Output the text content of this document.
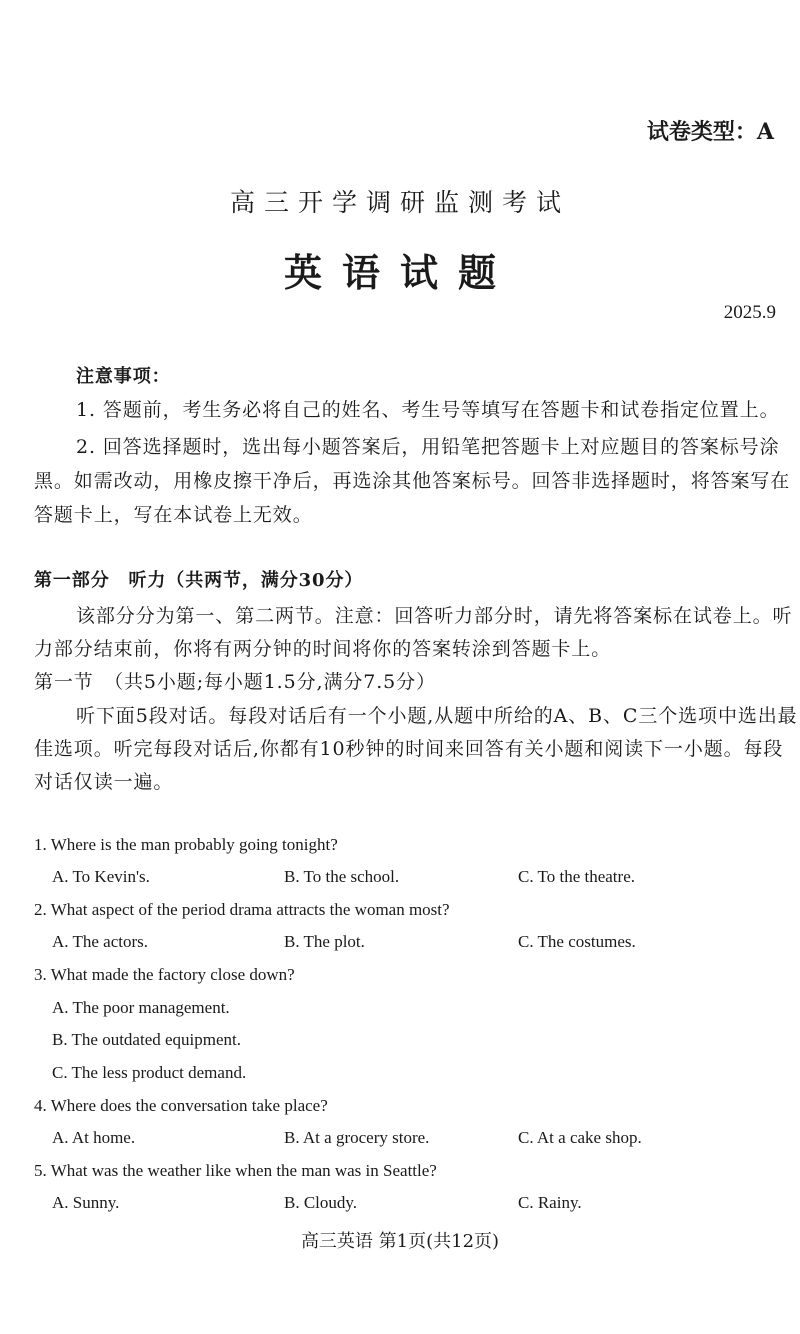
试卷类型：A
高三开学调研监测考试
英语试题
2025.9
注意事项：
1. 答题前，考生务必将自己的姓名、考生号等填写在答题卡和试卷指定位置上。
2. 回答选择题时，选出每小题答案后，用铅笔把答题卡上对应题目的答案标号涂
黑。如需改动，用橡皮擦干净后，再选涂其他答案标号。回答非选择题时，将答案写在
答题卡上，写在本试卷上无效。
第一部分　听力（共两节，满分30分）
该部分分为第一、第二两节。注意：回答听力部分时，请先将答案标在试卷上。听
力部分结束前，你将有两分钟的时间将你的答案转涂到答题卡上。
第一节　（共5小题;每小题1.5分,满分7.5分）
听下面5段对话。每段对话后有一个小题,从题中所给的A、B、C三个选项中选出最
佳选项。听完每段对话后,你都有10秒钟的时间来回答有关小题和阅读下一小题。每段
对话仅读一遍。
1. Where is the man probably going tonight?
A. To Kevin's.	B. To the school.	C. To the theatre.
2. What aspect of the period drama attracts the woman most?
A. The actors.	B. The plot.	C. The costumes.
3. What made the factory close down?
A. The poor management.
B. The outdated equipment.
C. The less product demand.
4. Where does the conversation take place?
A. At home.	B. At a grocery store.	C. At a cake shop.
5. What was the weather like when the man was in Seattle?
A. Sunny.	B. Cloudy.	C. Rainy.
高三英语 第1页(共12页)
